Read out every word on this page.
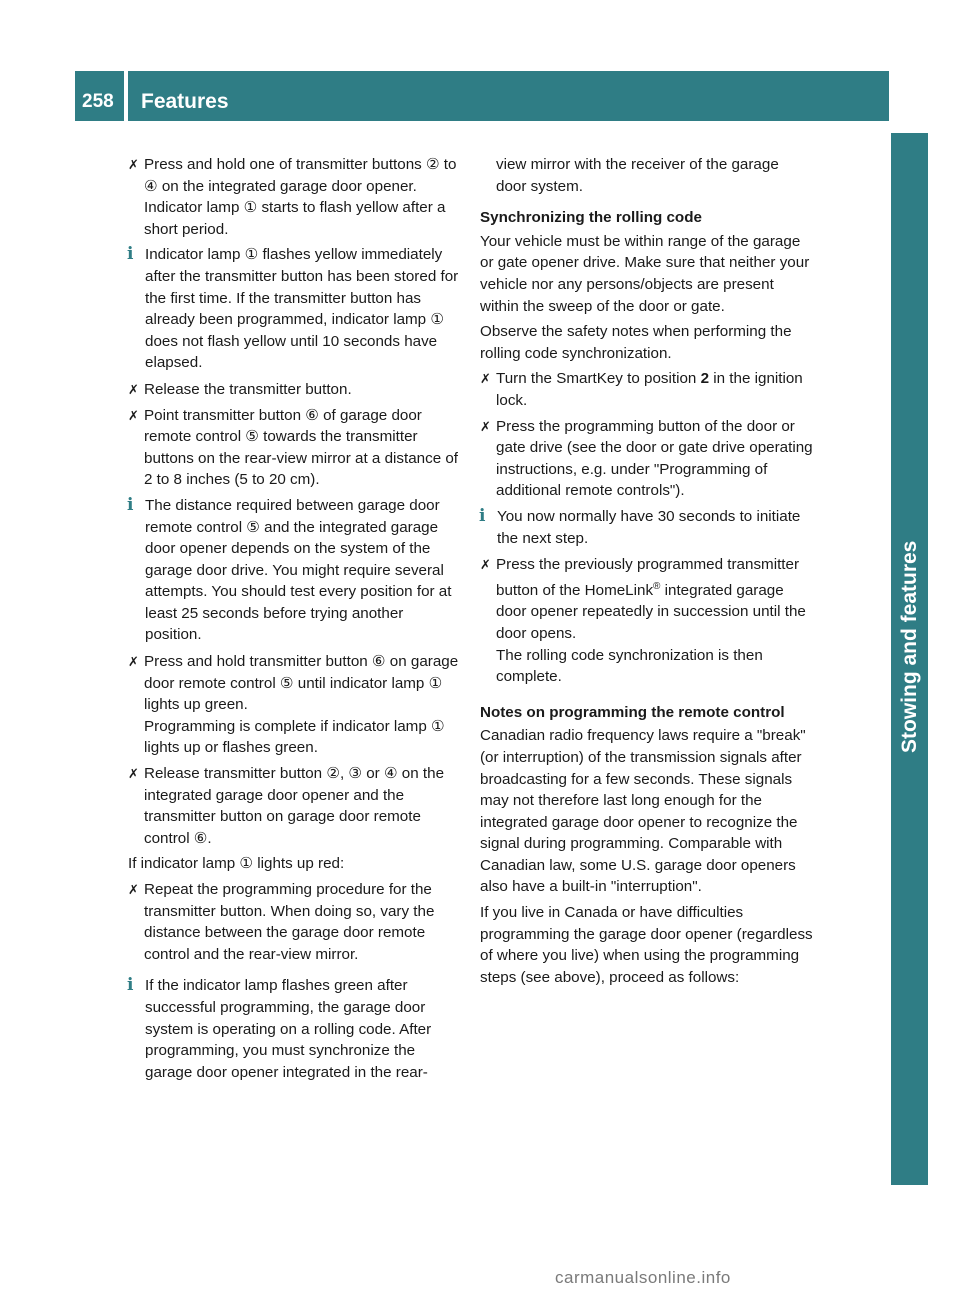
258 Features
Stowing and features
✗ Press and hold one of transmitter buttons ② to ④ on the integrated garage door opener.
Indicator lamp ① starts to flash yellow after a short period.
i Indicator lamp ① flashes yellow immediately after the transmitter button has been stored for the first time. If the transmitter button has already been programmed, indicator lamp ① does not flash yellow until 10 seconds have elapsed.
✗ Release the transmitter button.
✗ Point transmitter button ⑥ of garage door remote control ⑤ towards the transmitter buttons on the rear-view mirror at a distance of 2 to 8 inches (5 to 20 cm).
i The distance required between garage door remote control ⑤ and the integrated garage door opener depends on the system of the garage door drive. You might require several attempts. You should test every position for at least 25 seconds before trying another position.
✗ Press and hold transmitter button ⑥ on garage door remote control ⑤ until indicator lamp ① lights up green.
Programming is complete if indicator lamp ① lights up or flashes green.
✗ Release transmitter button ②, ③ or ④ on the integrated garage door opener and the transmitter button on garage door remote control ⑥.

If indicator lamp ① lights up red:

✗ Repeat the programming procedure for the transmitter button. When doing so, vary the distance between the garage door remote control and the rear-view mirror.
i If the indicator lamp flashes green after successful programming, the garage door system is operating on a rolling code. After programming, you must synchronize the garage door opener integrated in the rear-
view mirror with the receiver of the garage door system.
Synchronizing the rolling code

Your vehicle must be within range of the garage or gate opener drive. Make sure that neither your vehicle nor any persons/objects are present within the sweep of the door or gate.

Observe the safety notes when performing the rolling code synchronization.

✗ Turn the SmartKey to position 2 in the ignition lock.
✗ Press the programming button of the door or gate drive (see the door or gate drive operating instructions, e.g. under "Programming of additional remote controls").
i You now normally have 30 seconds to initiate the next step.
✗ Press the previously programmed transmitter button of the HomeLink® integrated garage door opener repeatedly in succession until the door opens.
The rolling code synchronization is then complete.
Notes on programming the remote control

Canadian radio frequency laws require a "break" (or interruption) of the transmission signals after broadcasting for a few seconds. These signals may not therefore last long enough for the integrated garage door opener to recognize the signal during programming. Comparable with Canadian law, some U.S. garage door openers also have a built-in "interruption".

If you live in Canada or have difficulties programming the garage door opener (regardless of where you live) when using the programming steps (see above), proceed as follows:

carmanualsonline.info
